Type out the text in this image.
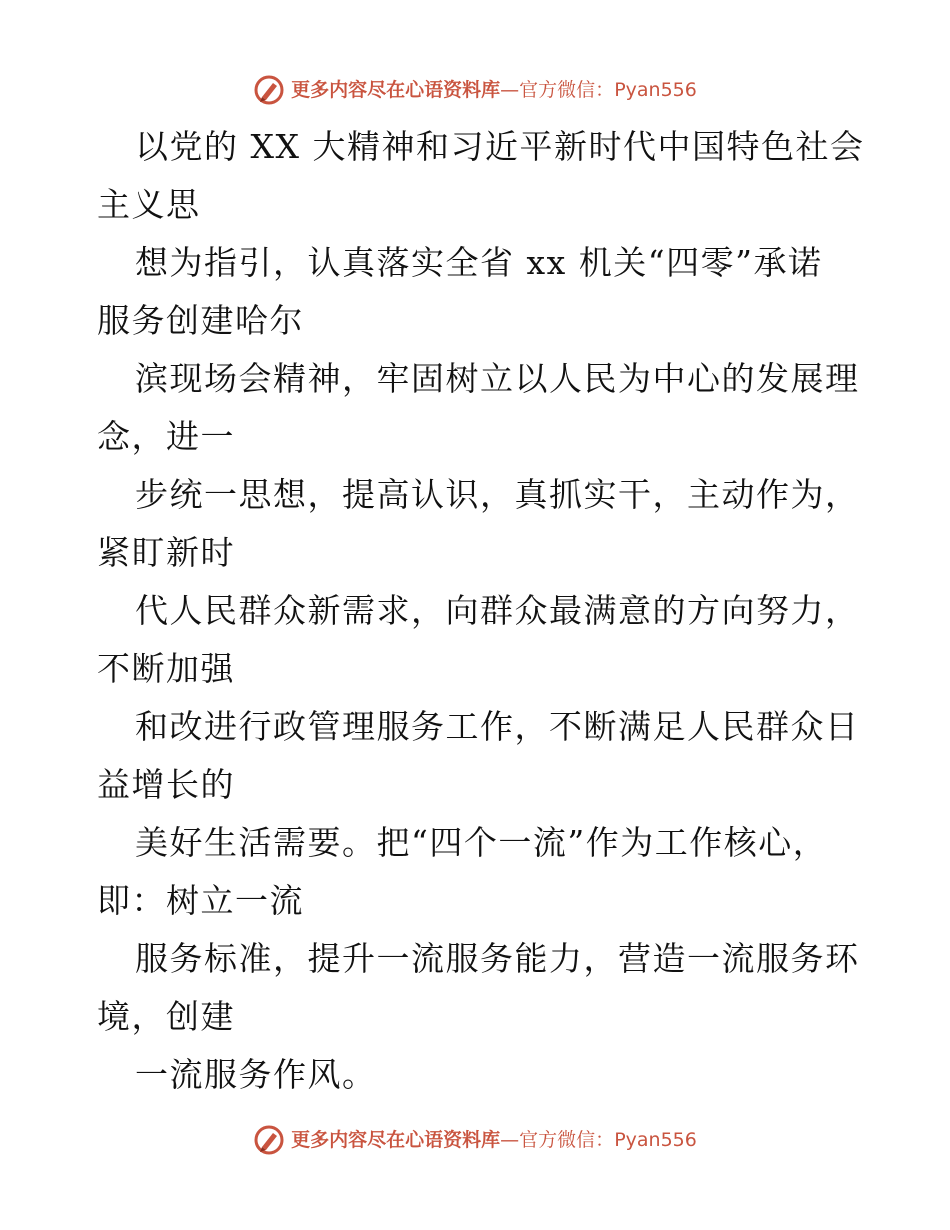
更多内容尽在心语资料库—官方微信：Pyan556
以党的 XX 大精神和习近平新时代中国特色社会
主义思
想为指引，认真落实全省 xx 机关“四零”承诺
服务创建哈尔
滨现场会精神，牢固树立以人民为中心的发展理
念，进一
步统一思想，提高认识，真抓实干，主动作为，
紧盯新时
代人民群众新需求，向群众最满意的方向努力，
不断加强
和改进行政管理服务工作，不断满足人民群众日
益增长的
美好生活需要。把“四个一流”作为工作核心，
即：树立一流
服务标准，提升一流服务能力，营造一流服务环
境，创建
一流服务作风。
更多内容尽在心语资料库—官方微信：Pyan556
